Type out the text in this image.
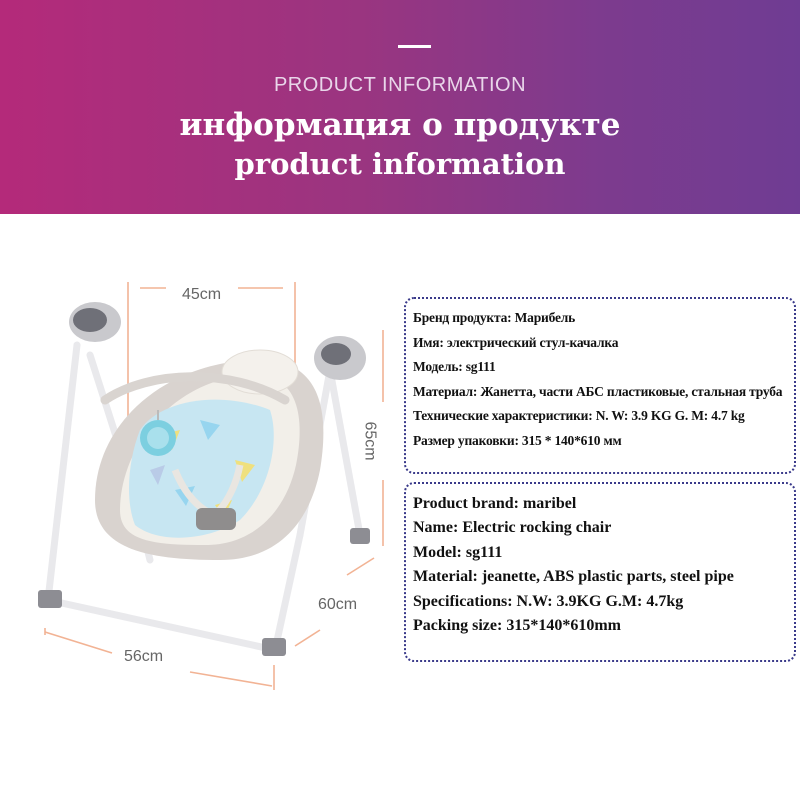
PRODUCT INFORMATION
информация о продукте
product information
45cm
65cm
60cm
56cm
Бренд продукта: Марибель
Имя: электрический стул-качалка
Модель: sg111
Материал: Жанетта, части АБС пластиковые, стальная труба
Технические характеристики: N. W: 3.9 KG G. M: 4.7 kg
Размер упаковки: 315 * 140*610 мм
Product brand: maribel
Name: Electric rocking chair
Model: sg111
Material: jeanette, ABS plastic parts, steel pipe
Specifications: N.W: 3.9KG G.M: 4.7kg
Packing size: 315*140*610mm
